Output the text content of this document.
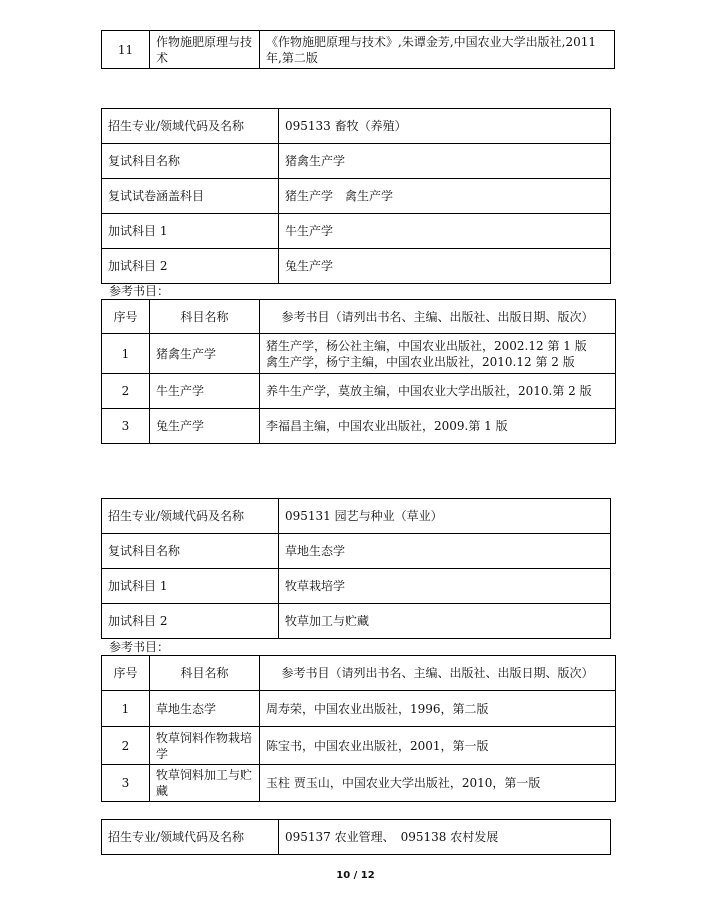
11	作物施肥原理与技术	《作物施肥原理与技术》,朱谭金芳,中国农业大学出版社,2011年,第二版
招生专业/领域代码及名称	095133 畜牧（养殖）
复试科目名称	猪禽生产学
复试试卷涵盖科目	猪生产学　禽生产学
加试科目 1	牛生产学
加试科目 2	兔生产学
参考书目：
序号	科目名称	参考书目（请列出书名、主编、出版社、出版日期、版次）
1	猪禽生产学	猪生产学，杨公社主编，中国农业出版社，2002.12 第 1 版
禽生产学，杨宁主编，中国农业出版社，2010.12 第 2 版

2	牛生产学	养牛生产学，莫放主编，中国农业大学出版社，2010.第 2 版

3	兔生产学	李福昌主编，中国农业出版社，2009.第 1 版
招生专业/领域代码及名称	095131 园艺与种业（草业）
复试科目名称	草地生态学
加试科目 1	牧草栽培学
加试科目 2	牧草加工与贮藏
参考书目：
序号	科目名称	参考书目（请列出书名、主编、出版社、出版日期、版次）
1	草地生态学	周寿荣，中国农业出版社，1996，第二版

2	牧草饲料作物栽培学	陈宝书，中国农业出版社，2001，第一版

3	牧草饲料加工与贮藏	玉柱 贾玉山，中国农业大学出版社，2010，第一版
招生专业/领域代码及名称	095137 农业管理、　095138 农村发展
10 / 12
